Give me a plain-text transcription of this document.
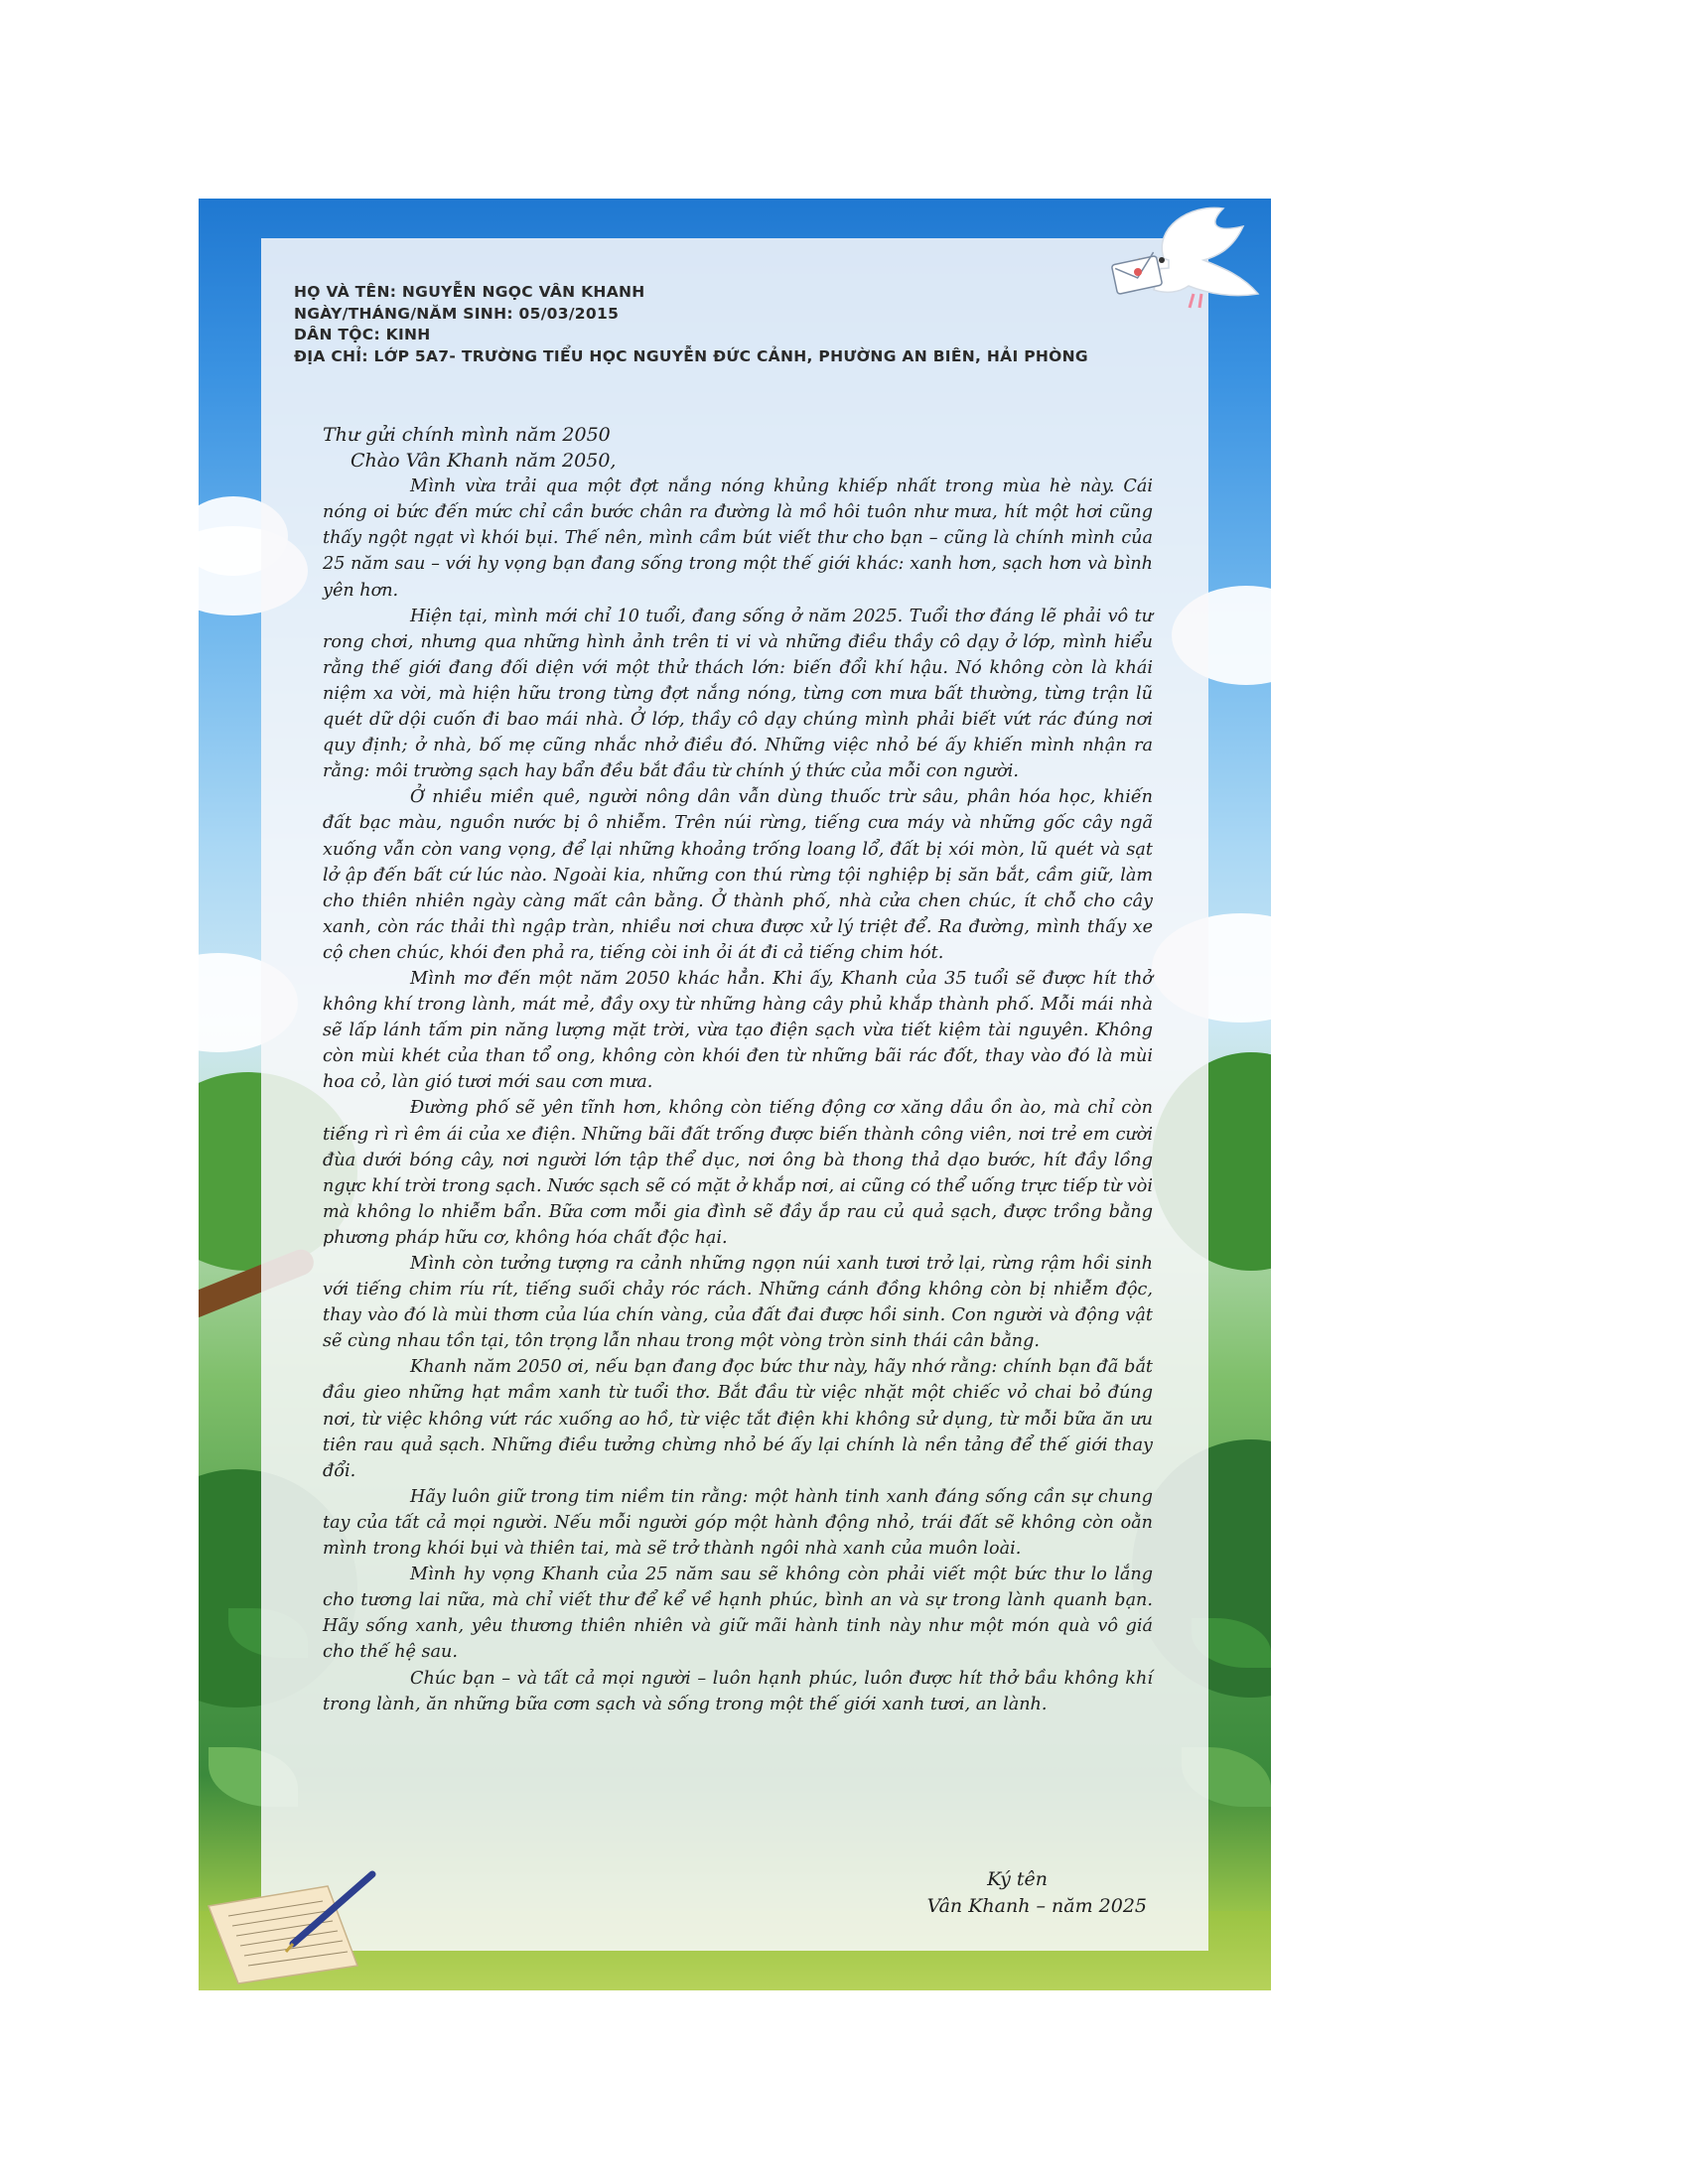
HỌ VÀ TÊN: NGUYỄN NGỌC VÂN KHANH
NGÀY/THÁNG/NĂM SINH: 05/03/2015
DÂN TỘC: KINH
ĐỊA CHỈ: LỚP 5A7- TRƯỜNG TIỂU HỌC NGUYỄN ĐỨC CẢNH, PHƯỜNG AN BIÊN, HẢI PHÒNG

Thư gửi chính mình năm 2050

Chào Vân Khanh năm 2050,

Mình vừa trải qua một đợt nắng nóng khủng khiếp nhất trong mùa hè này. Cái nóng oi bức đến mức chỉ cần bước chân ra đường là mồ hôi tuôn như mưa, hít một hơi cũng thấy ngột ngạt vì khói bụi. Thế nên, mình cầm bút viết thư cho bạn – cũng là chính mình của 25 năm sau – với hy vọng bạn đang sống trong một thế giới khác: xanh hơn, sạch hơn và bình yên hơn.

Hiện tại, mình mới chỉ 10 tuổi, đang sống ở năm 2025. Tuổi thơ đáng lẽ phải vô tư rong chơi, nhưng qua những hình ảnh trên ti vi và những điều thầy cô dạy ở lớp, mình hiểu rằng thế giới đang đối diện với một thử thách lớn: biến đổi khí hậu. Nó không còn là khái niệm xa vời, mà hiện hữu trong từng đợt nắng nóng, từng cơn mưa bất thường, từng trận lũ quét dữ dội cuốn đi bao mái nhà. Ở lớp, thầy cô dạy chúng mình phải biết vứt rác đúng nơi quy định; ở nhà, bố mẹ cũng nhắc nhở điều đó. Những việc nhỏ bé ấy khiến mình nhận ra rằng: môi trường sạch hay bẩn đều bắt đầu từ chính ý thức của mỗi con người.

Ở nhiều miền quê, người nông dân vẫn dùng thuốc trừ sâu, phân hóa học, khiến đất bạc màu, nguồn nước bị ô nhiễm. Trên núi rừng, tiếng cưa máy và những gốc cây ngã xuống vẫn còn vang vọng, để lại những khoảng trống loang lổ, đất bị xói mòn, lũ quét và sạt lở ập đến bất cứ lúc nào. Ngoài kia, những con thú rừng tội nghiệp bị săn bắt, cầm giữ, làm cho thiên nhiên ngày càng mất cân bằng. Ở thành phố, nhà cửa chen chúc, ít chỗ cho cây xanh, còn rác thải thì ngập tràn, nhiều nơi chưa được xử lý triệt để. Ra đường, mình thấy xe cộ chen chúc, khói đen phả ra, tiếng còi inh ỏi át đi cả tiếng chim hót.

Mình mơ đến một năm 2050 khác hẳn. Khi ấy, Khanh của 35 tuổi sẽ được hít thở không khí trong lành, mát mẻ, đầy oxy từ những hàng cây phủ khắp thành phố. Mỗi mái nhà sẽ lấp lánh tấm pin năng lượng mặt trời, vừa tạo điện sạch vừa tiết kiệm tài nguyên. Không còn mùi khét của than tổ ong, không còn khói đen từ những bãi rác đốt, thay vào đó là mùi hoa cỏ, làn gió tươi mới sau cơn mưa.

Đường phố sẽ yên tĩnh hơn, không còn tiếng động cơ xăng dầu ồn ào, mà chỉ còn tiếng rì rì êm ái của xe điện. Những bãi đất trống được biến thành công viên, nơi trẻ em cười đùa dưới bóng cây, nơi người lớn tập thể dục, nơi ông bà thong thả dạo bước, hít đầy lồng ngực khí trời trong sạch. Nước sạch sẽ có mặt ở khắp nơi, ai cũng có thể uống trực tiếp từ vòi mà không lo nhiễm bẩn. Bữa cơm mỗi gia đình sẽ đầy ắp rau củ quả sạch, được trồng bằng phương pháp hữu cơ, không hóa chất độc hại.

Mình còn tưởng tượng ra cảnh những ngọn núi xanh tươi trở lại, rừng rậm hồi sinh với tiếng chim ríu rít, tiếng suối chảy róc rách. Những cánh đồng không còn bị nhiễm độc, thay vào đó là mùi thơm của lúa chín vàng, của đất đai được hồi sinh. Con người và động vật sẽ cùng nhau tồn tại, tôn trọng lẫn nhau trong một vòng tròn sinh thái cân bằng.

Khanh năm 2050 ơi, nếu bạn đang đọc bức thư này, hãy nhớ rằng: chính bạn đã bắt đầu gieo những hạt mầm xanh từ tuổi thơ. Bắt đầu từ việc nhặt một chiếc vỏ chai bỏ đúng nơi, từ việc không vứt rác xuống ao hồ, từ việc tắt điện khi không sử dụng, từ mỗi bữa ăn ưu tiên rau quả sạch. Những điều tưởng chừng nhỏ bé ấy lại chính là nền tảng để thế giới thay đổi.

Hãy luôn giữ trong tim niềm tin rằng: một hành tinh xanh đáng sống cần sự chung tay của tất cả mọi người. Nếu mỗi người góp một hành động nhỏ, trái đất sẽ không còn oằn mình trong khói bụi và thiên tai, mà sẽ trở thành ngôi nhà xanh của muôn loài.

Mình hy vọng Khanh của 25 năm sau sẽ không còn phải viết một bức thư lo lắng cho tương lai nữa, mà chỉ viết thư để kể về hạnh phúc, bình an và sự trong lành quanh bạn. Hãy sống xanh, yêu thương thiên nhiên và giữ mãi hành tinh này như một món quà vô giá cho thế hệ sau.

Chúc bạn – và tất cả mọi người – luôn hạnh phúc, luôn được hít thở bầu không khí trong lành, ăn những bữa cơm sạch và sống trong một thế giới xanh tươi, an lành.

Ký tên
Vân Khanh – năm 2025
